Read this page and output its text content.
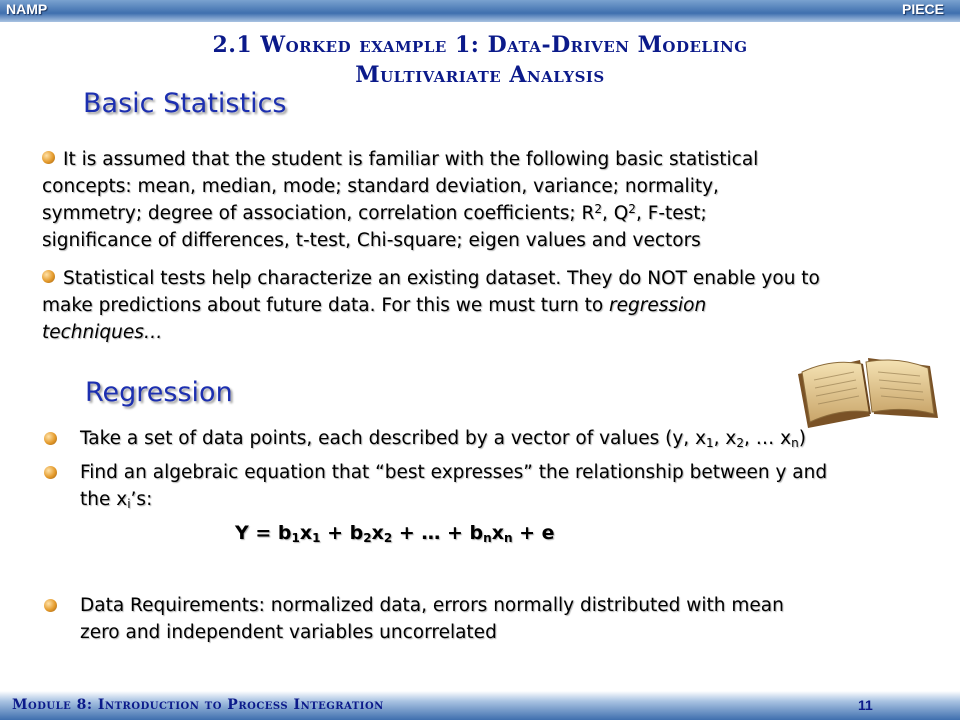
NAMP	PIECE
2.1 Worked example 1: Data-Driven Modeling
Multivariate Analysis
Basic Statistics
It is assumed that the student is familiar with the following basic statistical
concepts: mean, median, mode; standard deviation, variance; normality,
symmetry; degree of association, correlation coefficients; $R^2$, $Q^2$, F-test;
significance of differences, t-test, Chi-square; eigen values and vectors
Statistical tests help characterize an existing dataset. They do NOT enable you to
make predictions about future data. For this we must turn to regression
techniques…
Regression
Take a set of data points, each described by a vector of values (y, $x_1$, $x_2$, … $x_n$)
Find an algebraic equation that “best expresses” the relationship between y and
the $x_i’s$:
$Y = b_1x_1 + b_2x_2$ + … + $b_nx_n + e$
Data Requirements: normalized data, errors normally distributed with mean
zero and independent variables uncorrelated
Module 8: Introduction to Process Integration	11
